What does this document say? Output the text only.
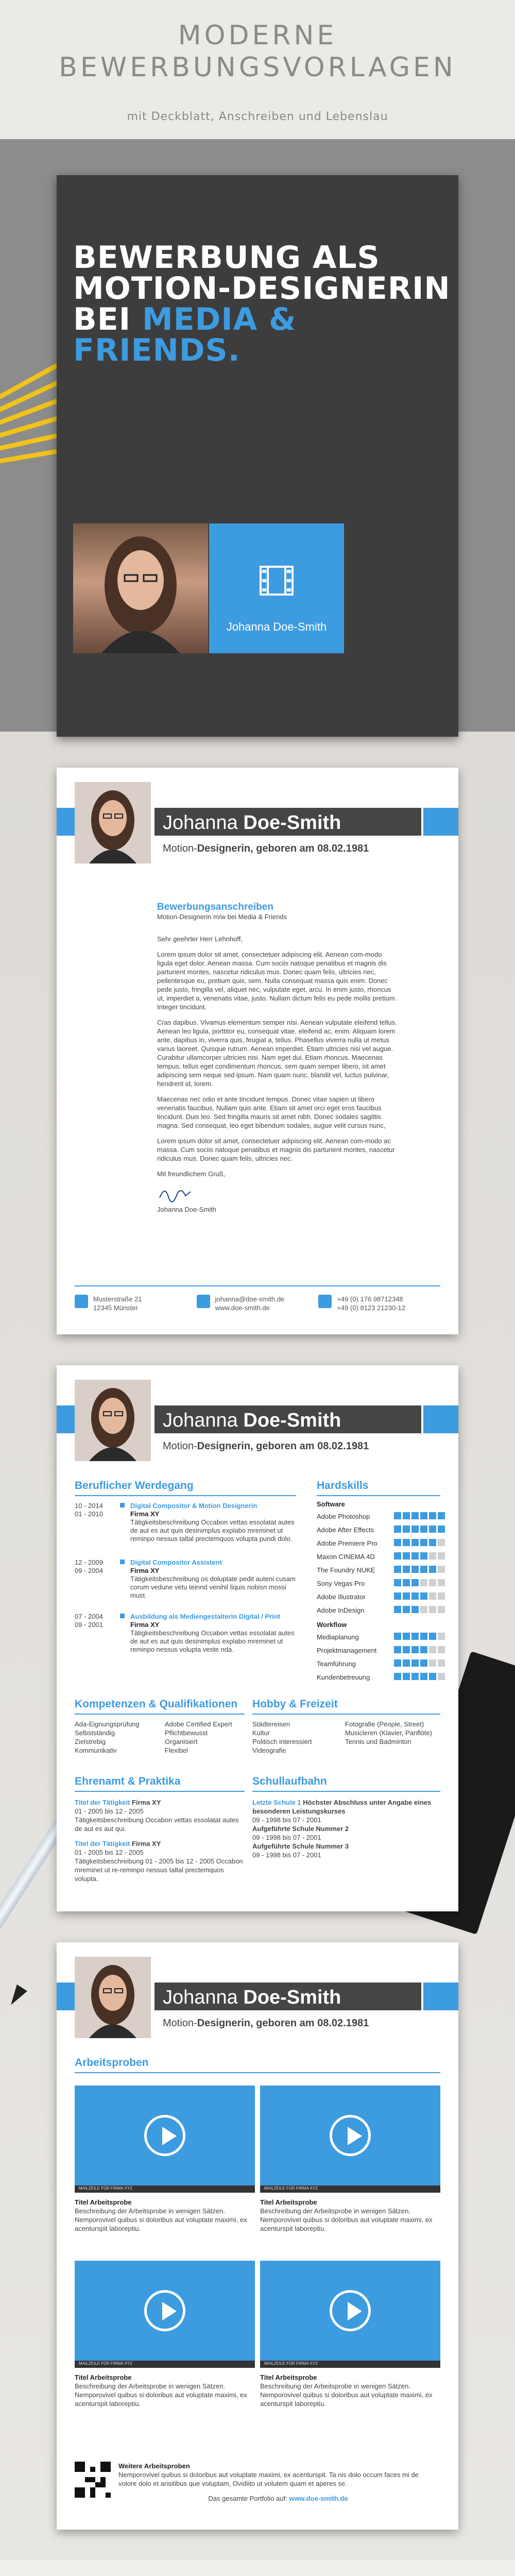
MODERNE
BEWERBUNGSVORLAGEN
mit Deckblatt, Anschreiben und Lebenslau
BEWERBUNG ALS
MOTION-DESIGNERIN
BEI MEDIA & FRIENDS.
Johanna Doe-Smith
Johanna Doe-Smith
Motion-Designerin, geboren am 08.02.1981
Bewerbungsanschreiben
Motion-Designerin m/w bei Media & Friends

Sehr geehrter Herr Lehnhoff,

Lorem ipsum dolor sit amet, consectetuer adipiscing elit. Aenean com-modo ligula eget dolor. Aenean massa. Cum sociis natoque penatibus et magnis dis parturient montes, nascetur ridiculus mus. Donec quam felis, ultricies nec, pellentesque eu, pretium quis, sem. Nulla consequat massa quis enim. Donec pede justo, fringilla vel, aliquet nec, vulputate eget, arcu. In enim justo, rhoncus ut, imperdiet a, venenatis vitae, justo. Nullam dictum felis eu pede mollis pretium. Integer tincidunt.

Cras dapibus. Vivamus elementum semper nisi. Aenean vulputate eleifend tellus. Aenean leo ligula, porttitor eu, consequat vitae, eleifend ac, enim. Aliquam lorem ante, dapibus in, viverra quis, feugiat a, tellus. Phasellus viverra nulla ut metus varius laoreet. Quisque rutrum. Aenean imperdiet. Etiam ultricies nisi vel augue. Curabitur ullamcorper ultricies nisi. Nam eget dui. Etiam rhoncus. Maecenas tempus, tellus eget condimentum rhoncus, sem quam semper libero, sit amet adipiscing sem neque sed ipsum. Nam quam nunc, blandit vel, luctus pulvinar, hendrerit id, lorem.

Maecenas nec odio et ante tincidunt tempus. Donec vitae sapien ut libero venenatis faucibus. Nullam quis ante. Etiam sit amet orci eget eros faucibus tincidunt. Duis leo. Sed fringilla mauris sit amet nibh. Donec sodales sagittis magna. Sed consequat, leo eget bibendum sodales, augue velit cursus nunc,

Lorem ipsum dolor sit amet, consectetuer adipiscing elit. Aenean com-modo ac massa. Cum sociis natoque penatibus et magnis dis parturient montes, nascetur ridiculus mus. Donec quam felis, ultricies nec.

Mit freundlichem Gruß,

Johanna Doe-Smith
Musterstraße 21
12345 Münster
johanna@doe-smith.de
www.doe-smith.de
+49 (0) 176 98712348
+49 (0) 8123 21230-12
Johanna Doe-Smith
Motion-Designerin, geboren am 08.02.1981
Beruflicher Werdegang	Hardskills
10 - 2014
01 - 2010
Digital Compositor & Motion Designerin
Firma XY
Tätigkeitsbeschreibung Occabon vettas essolatat autes de aut es aut quis desinimplus explabo mreminet ut reminpo nessus taltal prectemquos volupta pundi dolo.
12 - 2009
09 - 2004
Digital Compositor Assistent
Firma XY
Tätigkeitsbeschreibung os doluptate pedit auteni cusam corum vedune vetu teinnd venihil liquis nobisn mossi must.
07 - 2004
09 - 2001
Ausbildung als Mediengestalterin Digital / Print
Firma XY
Tätigkeitsbeschreibung Occabon vettas essolatat autes de aut es aut quis desinimplus explabo mreminet ut reminpo nessus volupta veste nda.
Software
Adobe Photoshop
Adobe After Effects
Adobe Premiere Pro
Maxon CINEMA 4D
The Foundry NUKE
Sony Vegas Pro
Adobe Illustrator
Adobe InDesign
Workflow
Mediaplanung
Projektmanagement
Teamführung
Kundenbetreuung
Kompetenzen & Qualifikationen
Ada-Eignungsprüfung
Selbstständig
Zielstrebig
Kommunikativ
Adobe Certified Expert
Pflichtbewusst
Organisiert
Flexibel
Hobby & Freizeit
Städtereisen
Kultur
Politisch interessiert
Videografie
Fotografie (People, Street)
Musicleren (Klavier, Panflöte)
Tennis und Badminton
Ehrenamt & Praktika
Titel der Tätigkeit Firma XY
01 - 2005 bis 12 - 2005
Tätigkeitsbeschreibung Occabon vettas essolatat autes de aut es aut qui.
Titel der Tätigkeit Firma XY
01 - 2005 bis 12 - 2005
Tätigkeitsbeschreibung 01 - 2005 bis 12 - 2005 Occabon mreminet ut re-reminpo nessus taltal prectemquos volupta.
Schullaufbahn
Letzte Schule 1 Höchster Abschluss unter Angabe eines besonderen Leistungskurses
09 - 1998 bis 07 - 2001
Aufgeführte Schule Nummer 2
09 - 1998 bis 07 - 2001
Aufgeführte Schule Nummer 3
09 - 1998 bis 07 - 2001
Johanna Doe-Smith
Motion-Designerin, geboren am 08.02.1981
Arbeitsproben
MAILZEILE FÜR FIRMA XYZ
Titel Arbeitsprobe
Beschreibung der Arbeitsprobe in wenigen Sätzen. Nemporovivel quibus si doloribus aut voluptate maximi, ex acenturspit laboreptiu.
MAILZEILE FÜR FIRMA XYZ
Titel Arbeitsprobe
Beschreibung der Arbeitsprobe in wenigen Sätzen. Nemporovivel quibus si doloribus aut voluptate maximi, ex acenturspit laboreptiu.
MAILZEILE FÜR FIRMA XYZ
Titel Arbeitsprobe
Beschreibung der Arbeitsprobe in wenigen Sätzen. Nemporovivel quibus si doloribus aut voluptate maximi, ex acenturspit laboreptiu.
MAILZEILE FÜR FIRMA XYZ
Titel Arbeitsprobe
Beschreibung der Arbeitsprobe in wenigen Sätzen. Nemporovivel quibus si doloribus aut voluptate maximi, ex acenturspit laboreptiu.
Weitere Arbeitsproben
Nemporovivel quibus si doloribus aut voluptate maximi, ex acenturspit. Ta nis dolo occum faces mi de volore dolo et arisitibus que voluptam, Ovidiito ut volutem quam et aperes se.
Das gesamte Portfolio auf: www.doe-smith.de
